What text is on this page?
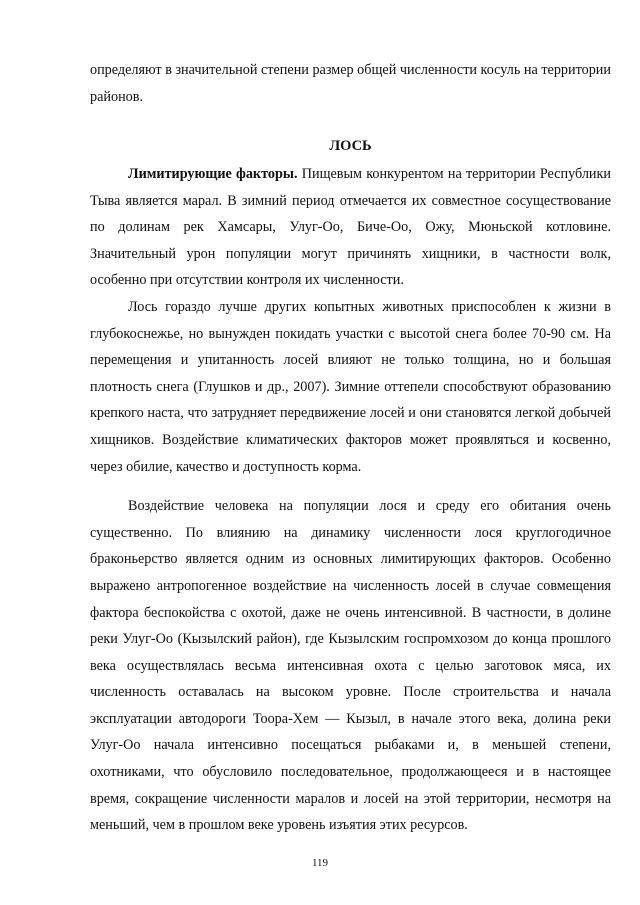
определяют в значительной степени размер общей численности косуль на территории районов.

ЛОСЬ

Лимитирующие факторы. Пищевым конкурентом на территории Республики Тыва является марал. В зимний период отмечается их совместное сосуществование по долинам рек Хамсары, Улуг-Оо, Биче-Оо, Ожу, Мюньской котловине. Значительный урон популяции могут причинять хищники, в частности волк, особенно при отсутствии контроля их численности.

Лось гораздо лучше других копытных животных приспособлен к жизни в глубокоснежье, но вынужден покидать участки с высотой снега более 70-90 см. На перемещения и упитанность лосей влияют не только толщина, но и большая плотность снега (Глушков и др., 2007). Зимние оттепели способствуют образованию крепкого наста, что затрудняет передвижение лосей и они становятся легкой добычей хищников. Воздействие климатических факторов может проявляться и косвенно, через обилие, качество и доступность корма.

Воздействие человека на популяции лося и среду его обитания очень существенно. По влиянию на динамику численности лося круглогодичное браконьерство является одним из основных лимитирующих факторов. Особенно выражено антропогенное воздействие на численность лосей в случае совмещения фактора беспокойства с охотой, даже не очень интенсивной. В частности, в долине реки Улуг-Оо (Кызылский район), где Кызылским госпромхозом до конца прошлого века осуществлялась весьма интенсивная охота с целью заготовок мяса, их численность оставалась на высоком уровне. После строительства и начала эксплуатации автодороги Тоора-Хем — Кызыл, в начале этого века, долина реки Улуг-Оо начала интенсивно посещаться рыбаками и, в меньшей степени, охотниками, что обусловило последовательное, продолжающееся и в настоящее время, сокращение численности маралов и лосей на этой территории, несмотря на меньший, чем в прошлом веке уровень изъятия этих ресурсов.

119
